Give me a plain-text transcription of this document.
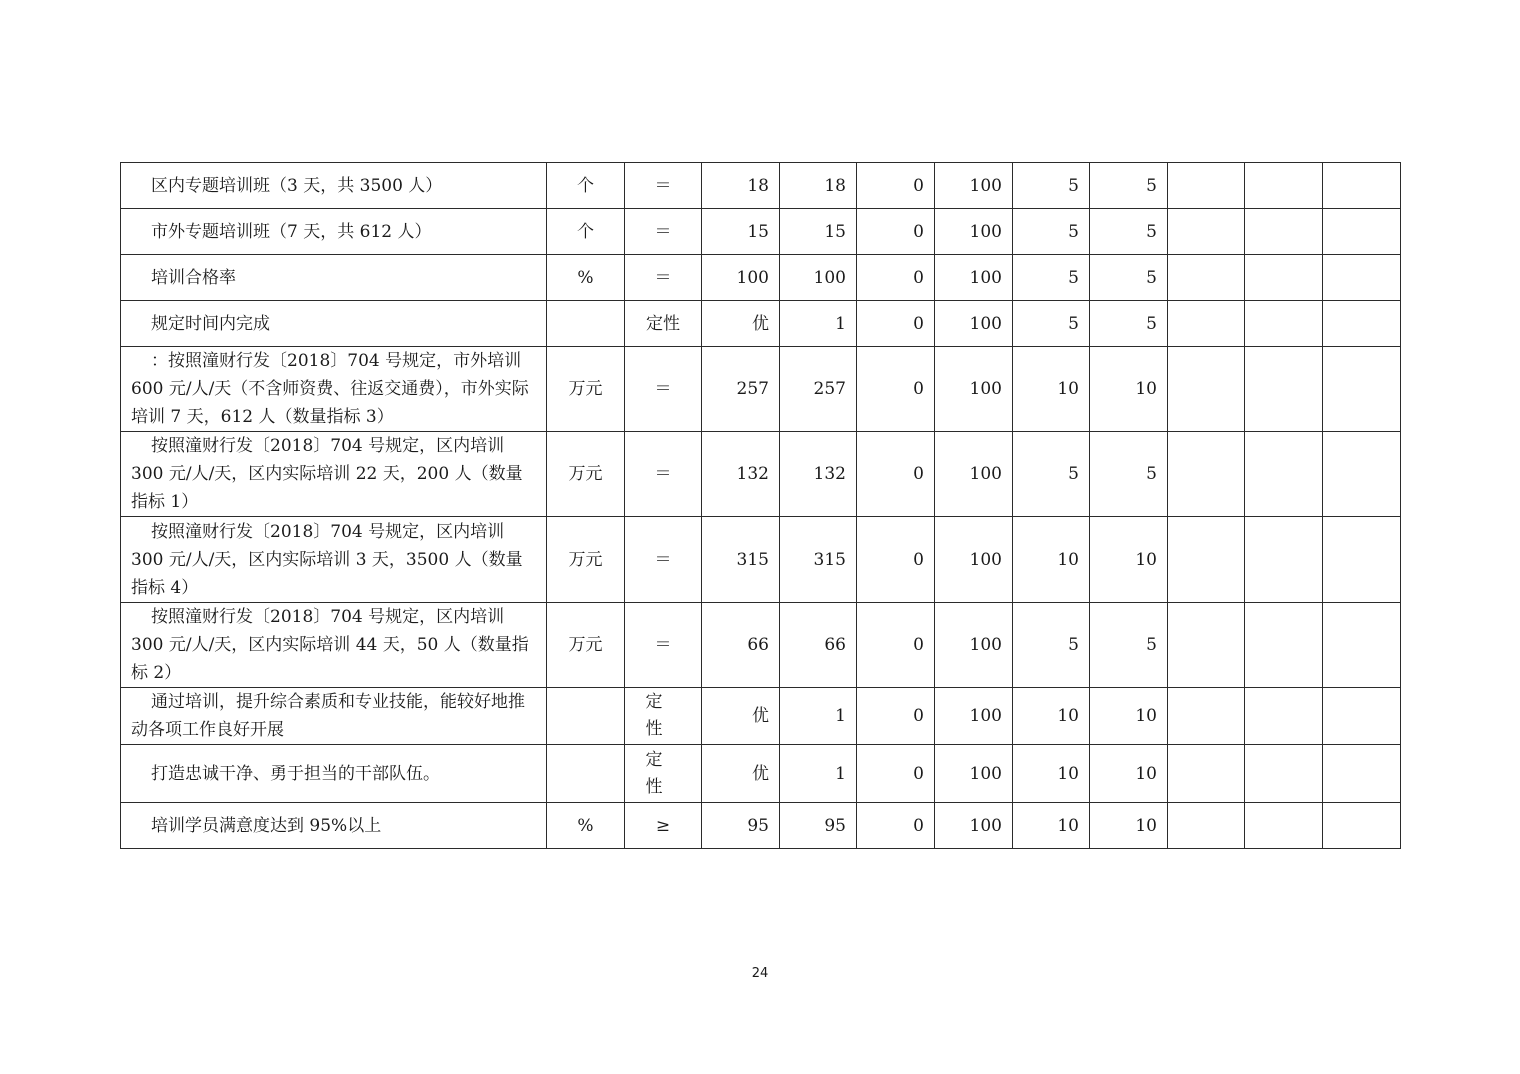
区内专题培训班（3 天，共 3500 人）	个	＝	18	18	0	100	5	5			
市外专题培训班（7 天，共 612 人）	个	＝	15	15	0	100	5	5			
培训合格率	%	＝	100	100	0	100	5	5			
规定时间内完成		定性	优	1	0	100	5	5			
：按照潼财行发〔2018〕704 号规定，市外培训 600 元/人/天（不含师资费、往返交通费），市外实际培训 7 天，612 人（数量指标 3）	万元	＝	257	257	0	100	10	10			
按照潼财行发〔2018〕704 号规定，区内培训 300 元/人/天，区内实际培训 22 天，200 人（数量指标 1）	万元	＝	132	132	0	100	5	5			
按照潼财行发〔2018〕704 号规定，区内培训 300 元/人/天，区内实际培训 3 天，3500 人（数量指标 4）	万元	＝	315	315	0	100	10	10			
按照潼财行发〔2018〕704 号规定，区内培训 300 元/人/天，区内实际培训 44 天，50 人（数量指标 2）	万元	＝	66	66	0	100	5	5			
通过培训，提升综合素质和专业技能，能较好地推动各项工作良好开展		定性	优	1	0	100	10	10			
打造忠诚干净、勇于担当的干部队伍。		定性	优	1	0	100	10	10			
培训学员满意度达到 95%以上	%	≥	95	95	0	100	10	10			
24
